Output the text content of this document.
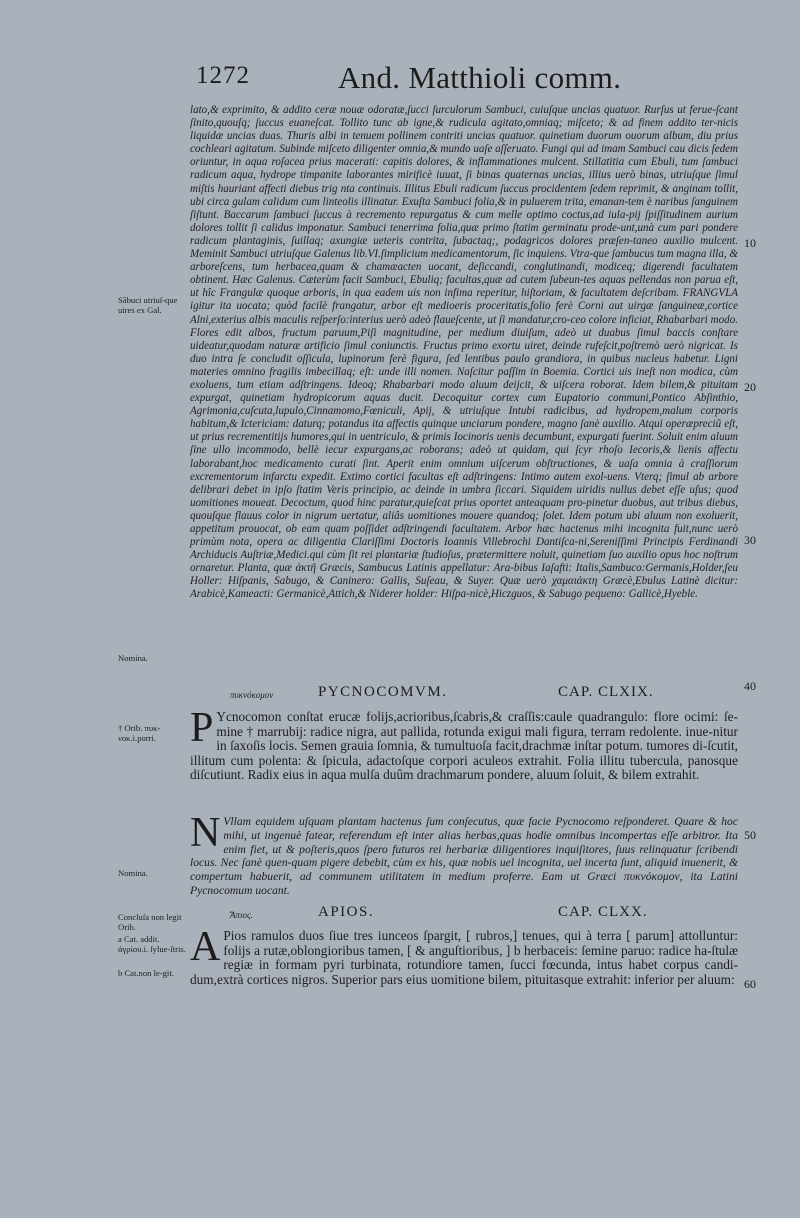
1272	And. Matthioli comm.

lato,& exprimito, & addito ceræ nouæ odoratæ,ſucci ſurculorum Sambuci, cuiuſque uncias quatuor. Rurſus ut ferue-ſcant ſinito,quouſq; ſuccus euaneſcat. Tollito tunc ab igne,& rudicula agitato,omniaq; miſceto; & ad finem addito ter-nicis liquidæ uncias duas. Thuris albi in tenuem pollinem contriti uncias quatuor. quinetiam duorum ouorum album, diu prius cochleari agitatum. Subinde miſceto diligenter omnia,& mundo uaſe aſſeruato. Fungi qui ad imam Sambuci cau dicis ſedem oriuntur, in aqua roſacea prius macerati: capitis dolores, & inflammationes mulcent. Stillatitia cum Ebuli, tum ſambuci radicum aqua, hydrope timpanite laborantes mirificè iuuat, ſi binas quaternas uncias, illius uerò binas, utriuſque ſimul miſtis hauriant affecti diebus trig nta continuis. Illitus Ebuli radicum ſuccus procidentem ſedem reprimit, & anginam tollit, ubi circa gulam calidum cum linteolis illinatur. Exuſta Sambuci folia,& in puluerem trita, emanan-tem è naribus ſanguinem ſiſtunt. Baccarum ſambuci ſuccus à recremento repurgatus & cum melle optimo coctus,ad iula-pij ſpiſſitudinem aurium dolores tollit ſi calidus imponatur. Sambuci tenerrima folia,quæ primo ſtatim germinatu prode-unt,unà cum pari pondere radicum plantaginis, ſuillaq; axungiæ ueteris contrita, ſubactaq;, podagricos dolores præſen-taneo auxilio mulcent. Meminit Sambuci utriuſque Galenus lib.VI.ſimplicium medicamentorum, ſic inquiens. Vtra-que ſambucus tum magna illa, & arboreſcens, tum herbacea,quam & chamæacten uocant, deſiccandi, conglutinandi, modiceq; digerendi facultatem obtinent. Hæc Galenus. Cæterùm facit Sambuci, Ebuliq; facultas,quæ ad cutem ſubeun-tes aquas pellendas non parua eſt, ut hîc Frangulæ quoque arboris, in qua eadem uis non infima reperitur, hiſtoriam, & facultatem deſcribam. FRANGVLA igitur ita uocata; quòd facilè frangatur, arbor eſt medioeris proceritatis,folio ferè Corni aut uirgæ ſanguineæ,cortice Alni,exterius albis maculis reſperſo:interius uerò adeò flaueſcente, ut ſi mandatur,cro-ceo colore inficiat, Rhabarbari modo. Flores edit albos, fructum paruum,Piſi magnitudine, per medium diuiſum, adeò ut duabus ſimul baccis conſtare uideatur,quodam naturæ artificio ſimul coniunctis. Fructus primo exortu uiret, deinde rufeſcit,poſtremò uerò nigricat. Is duo intra ſe concludit oſſicula, lupinorum ferè figura, ſed lentibus paulo grandiora, in quibus nucleus habetur. Ligni materies omnino fragilis imbecillaq; eſt: unde illi nomen. Naſcitur paſſim in Boemia. Cortici uis ineſt non modica, cùm exoluens, tum etiam adſtringens. Ideoq; Rhabarbari modo aluum deijcit, & uiſcera roborat. Idem bilem,& pituitam expurgat, quinetiam hydropicorum aquas ducit. Decoquitur cortex cum Eupatorio communi,Pontico Abſinthio, Agrimonia,cuſcuta,lupulo,Cinnamomo,Fœniculi, Apij, & utriuſque Intubi radicibus, ad hydropem,malum corporis habitum,& Ictericiam: daturq; potandus ita affectis quinque unciarum pondere, magno ſanè auxilio. Atqui operæpreciũ eſt, ut prius recrementitijs humores,qui in uentriculo, & primis Iocinoris uenis decumbunt, expurgati fuerint. Soluit enim aluum ſine ullo incommodo, bellè iecur expurgans,ac roborans; adeò ut quidam, qui ſcyr rhoſo Iecoris,& lienis affectu laborabant,hoc medicamento curati ſint. Aperit enim omnium uiſcerum obſtructiones, & uaſa omnia à craſſiorum excrementorum infarctu expedit. Extimo cortici facultas eſt adſtringens: Intimo autem exol-uens. Vterq; ſimul ab arbore delibrari debet in ipſo ſtatim Veris principio, ac deinde in umbra ſiccari. Siquidem uiridis nullus debet eſſe uſus; quod uomitiones moueat. Decoctum, quod hinc paratur,quieſcat prius oportet anteaquam pro-pinetur duobus, aut tribus diebus, quouſque flauus color in nigrum uertatur, aliâs uomitiones mouere quandoq; ſolet. Idem potum ubi aluum non exoluerit, appetitum prouocat, ob eam quam poſſidet adſtringendi facultatem. Arbor hæc hactenus mihi incognita fuit,nunc uerò primùm nota, opera ac diligentia Clariſſimi Doctoris Ioannis Villebrochi Dantiſca-ni,Sereniſſimi Principis Ferdinandi Archiducis Auſtriæ,Medici.qui cùm ſit rei plantariæ ſtudioſus, prætermittere noluit, quinetiam ſuo auxilio opus hoc noſtrum ornaretur. Planta, quæ ἀκτῆ Græcis, Sambucus Latinis appellatur: Ara-bibus Iaſafti: Italis,Sambuco:Germanis,Holder,ſeu Holler: Hiſpanis, Sabugo, & Caninero: Gallis, Suſeau, & Suyer. Quæ uerò χαμαιάκτη Græcè,Ebulus Latinè dicitur: Arabicè,Kameacti: Germanicè,Attich,& Niderer holder: Hiſpa-nicè,Hiczguos, & Sabugo pequeno: Gallicè,Hyeble.

Sãbuci utriuſ-que uires ex Gal.
Nomina.
† Orib. πυκ-νοκ.i.porri.
Nomina.
Concluſa non legit Orib.
a Cat. addit. ἀγρίου.i. ſylue-ſtris.
b Cat.non le-git.
10
20
30
40
50
60
πυκνόκομον	PYCNOCOMVM.	CAP. CLXIX.

P Ycnocomon conſtat erucæ folijs,acrioribus,ſcabris,& craſſis:caule quadrangulo: flore ocimi: ſe-mine † marrubij: radice nigra, aut pallida, rotunda exigui mali figura, terram redolente. inue-nitur in ſaxoſis locis. Semen grauia ſomnia, & tumultuoſa facit,drachmæ inſtar potum. tumores di-ſcutit, illitum cum polenta: & ſpicula, adactoſque corpori aculeos extrahit. Folia illitu tubercula, panosque diſcutiunt. Radix eius in aqua mulſa duûm drachmarum pondere, aluum ſoluit, & bilem extrahit.

N Vllam equidem uſquam plantam hactenus ſum conſecutus, quæ facie Pycnocomo reſponderet. Quare & hoc mihi, ut ingenuè fatear, referendum eſt inter alias herbas,quas hodie omnibus incompertas eſſe arbitror. Ita enim fiet, ut & poſteris,quos ſpero futuros rei herbariæ diligentiores inquiſitores, ſuus relinquatur ſcribendi locus. Nec ſanè quen-quam pigere debebit, cùm ex his, quæ nobis uel incognita, uel incerta ſunt, aliquid inuenerit, & compertum habuerit, ad communem utilitatem in medium proferre. Eam ut Græci πυκνόκομον, ita Latini Pycnocomum uocant.

Ἄπιος.	APIOS.	CAP. CLXX.

A Pios ramulos duos ſiue tres iunceos ſpargit, [ rubros,] tenues, qui à terra [ parum] attolluntur: folijs a rutæ,oblongioribus tamen, [ & anguſtioribus, ] b herbaceis: ſemine paruo: radice ha-ſtulæ regiæ in formam pyri turbinata, rotundiore tamen, ſucci fœcunda, intus habet corpus candi-dum,extrà cortices nigros. Superior pars eius uomitione bilem, pituitasque extrahit: inferior per aluum:
